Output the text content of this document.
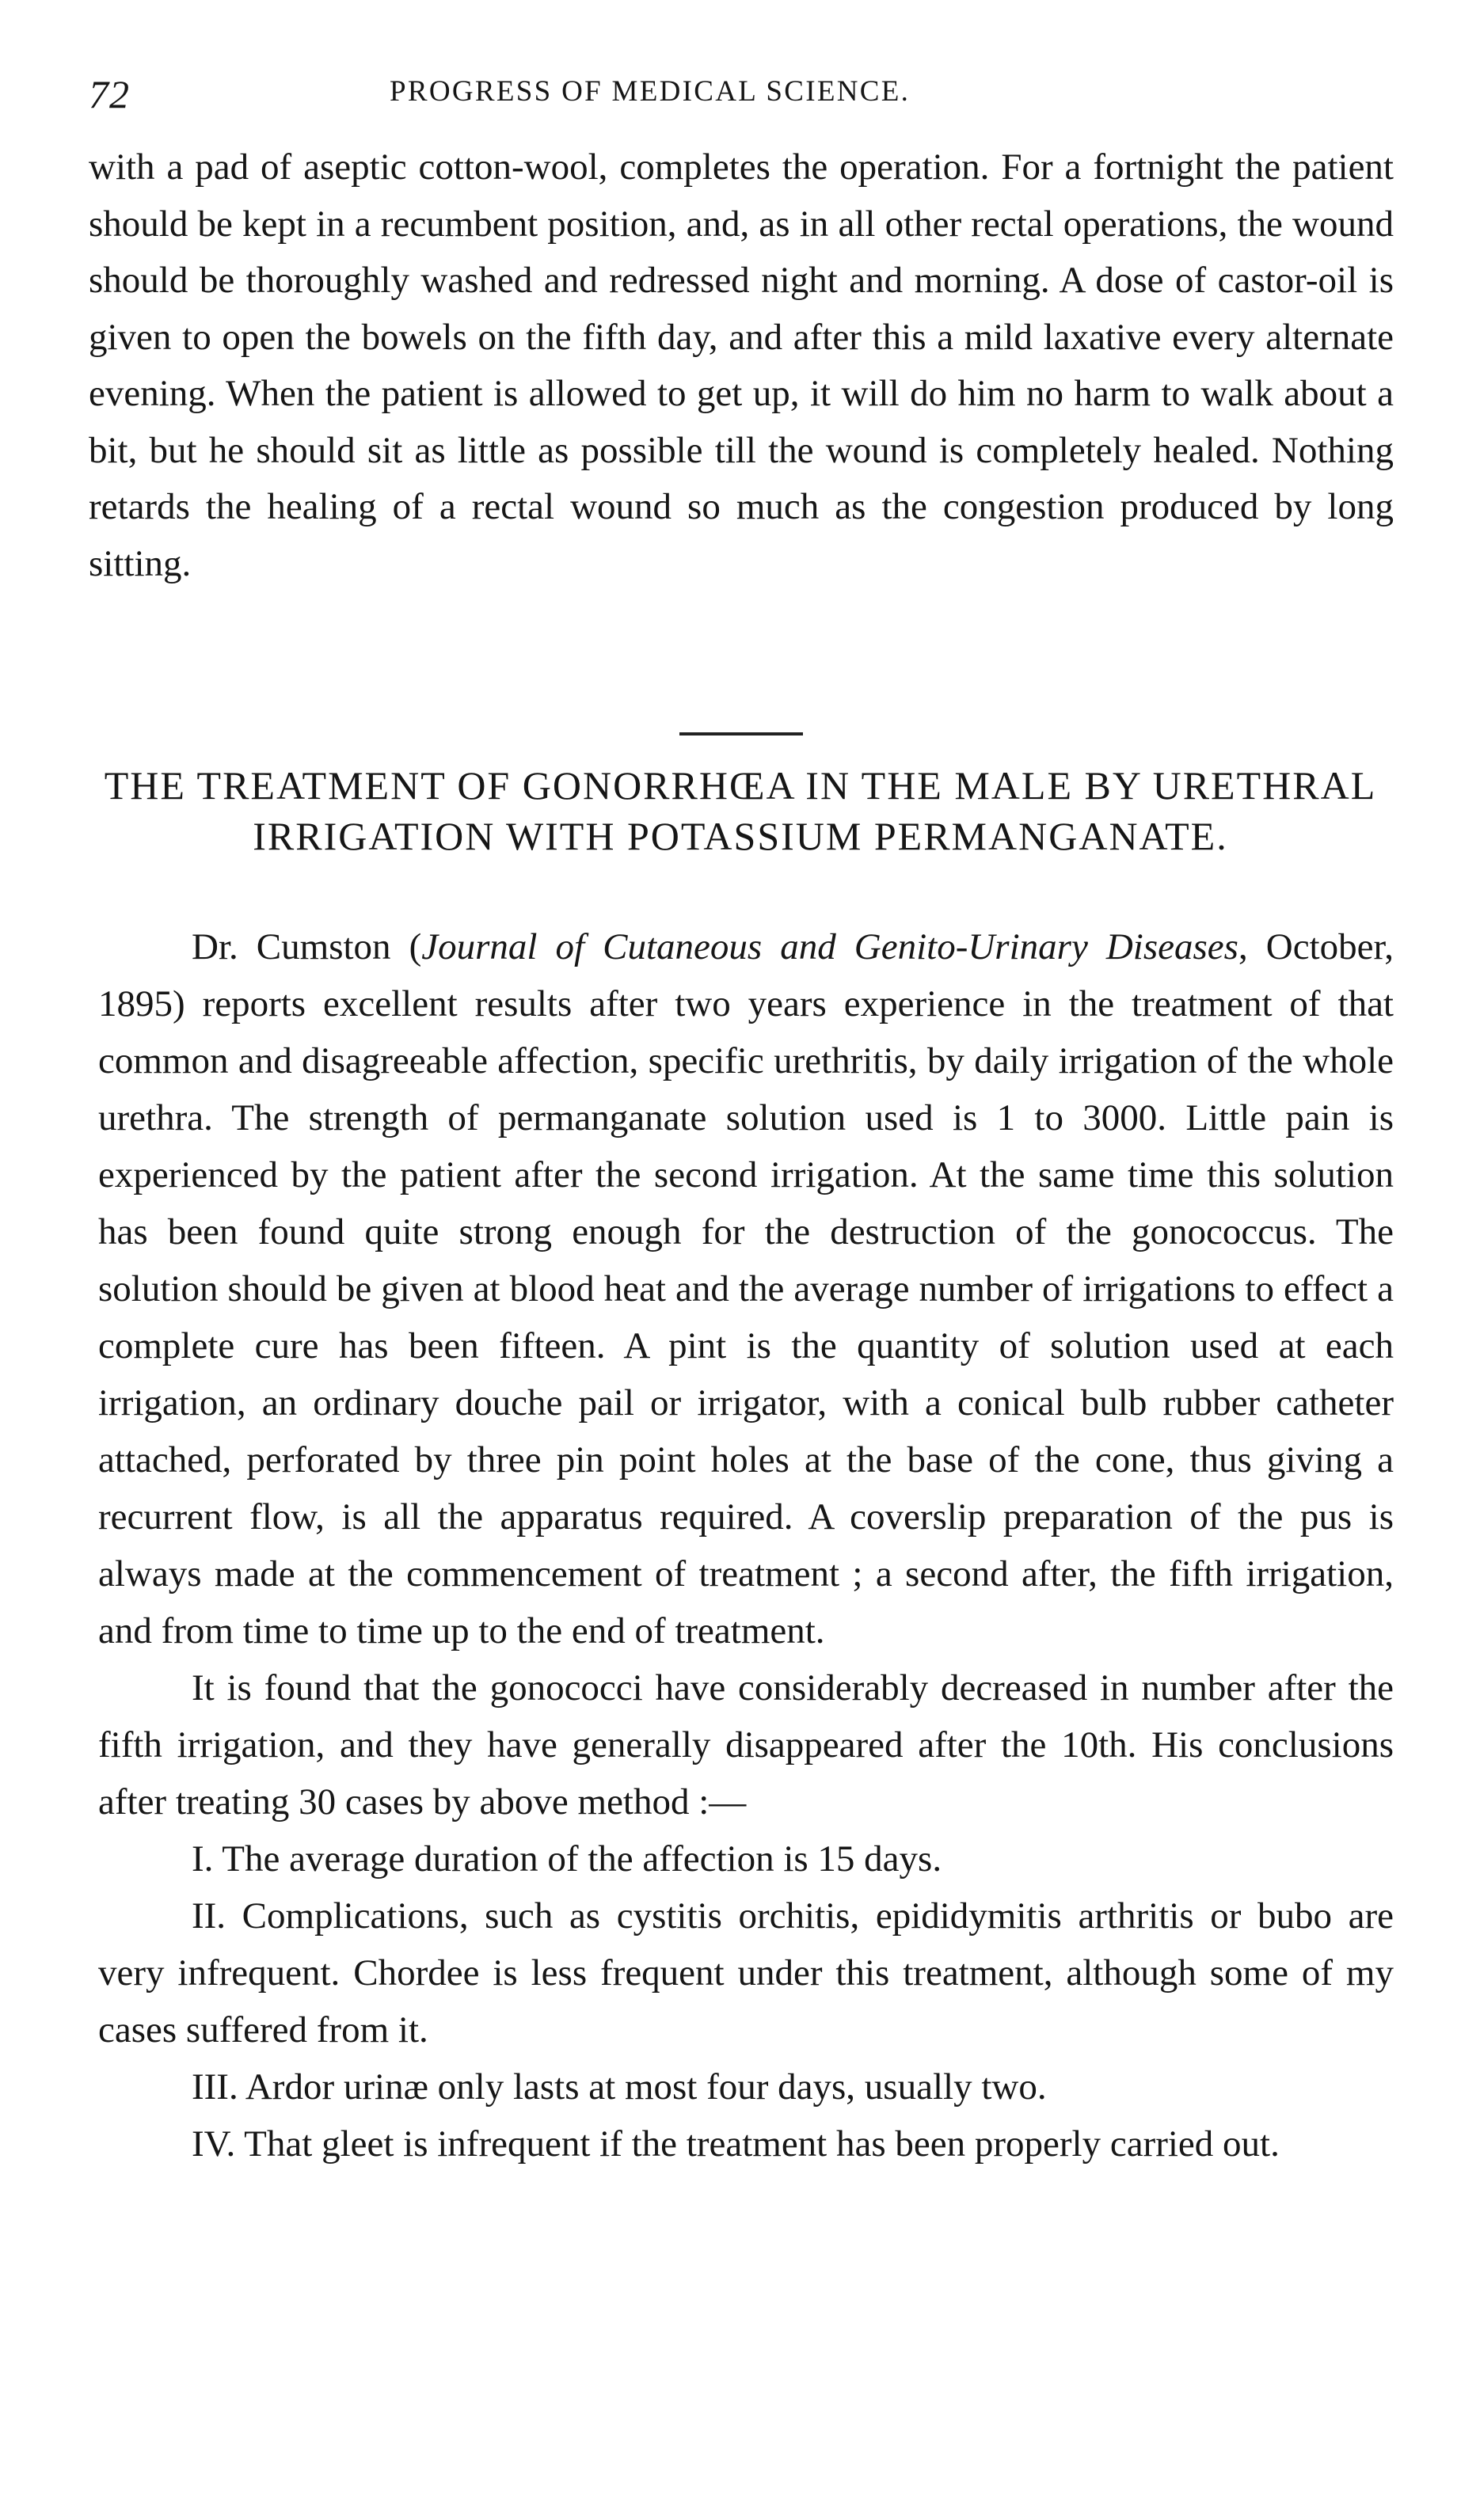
72	PROGRESS OF MEDICAL SCIENCE.

with a pad of aseptic cotton-wool, completes the operation. For a fortnight the patient should be kept in a recumbent position, and, as in all other rectal operations, the wound should be thoroughly washed and redressed night and morning. A dose of castor-oil is given to open the bowels on the fifth day, and after this a mild laxative every alternate evening. When the patient is allowed to get up, it will do him no harm to walk about a bit, but he should sit as little as possible till the wound is completely healed. Nothing retards the healing of a rectal wound so much as the congestion produced by long sitting.

THE TREATMENT OF GONORRHŒA IN THE MALE BY URETHRAL IRRIGATION WITH POTASSIUM PERMANGANATE.

Dr. Cumston (Journal of Cutaneous and Genito-Urinary Diseases, October, 1895) reports excellent results after two years experience in the treatment of that common and disagreeable affection, specific urethritis, by daily irrigation of the whole urethra. The strength of permanganate solution used is 1 to 3000. Little pain is experienced by the patient after the second irrigation. At the same time this solution has been found quite strong enough for the destruction of the gonococcus. The solution should be given at blood heat and the average number of irrigations to effect a complete cure has been fifteen. A pint is the quantity of solution used at each irrigation, an ordinary douche pail or irrigator, with a conical bulb rubber catheter attached, perforated by three pin point holes at the base of the cone, thus giving a recurrent flow, is all the apparatus required. A coverslip preparation of the pus is always made at the commencement of treatment ; a second after, the fifth irrigation, and from time to time up to the end of treatment.

It is found that the gonococci have considerably decreased in number after the fifth irrigation, and they have generally disappeared after the 10th. His conclusions after treating 30 cases by above method :—

I. The average duration of the affection is 15 days.

II. Complications, such as cystitis orchitis, epididymitis arthritis or bubo are very infrequent. Chordee is less frequent under this treatment, although some of my cases suffered from it.

III. Ardor urinæ only lasts at most four days, usually two.

IV. That gleet is infrequent if the treatment has been properly carried out.
